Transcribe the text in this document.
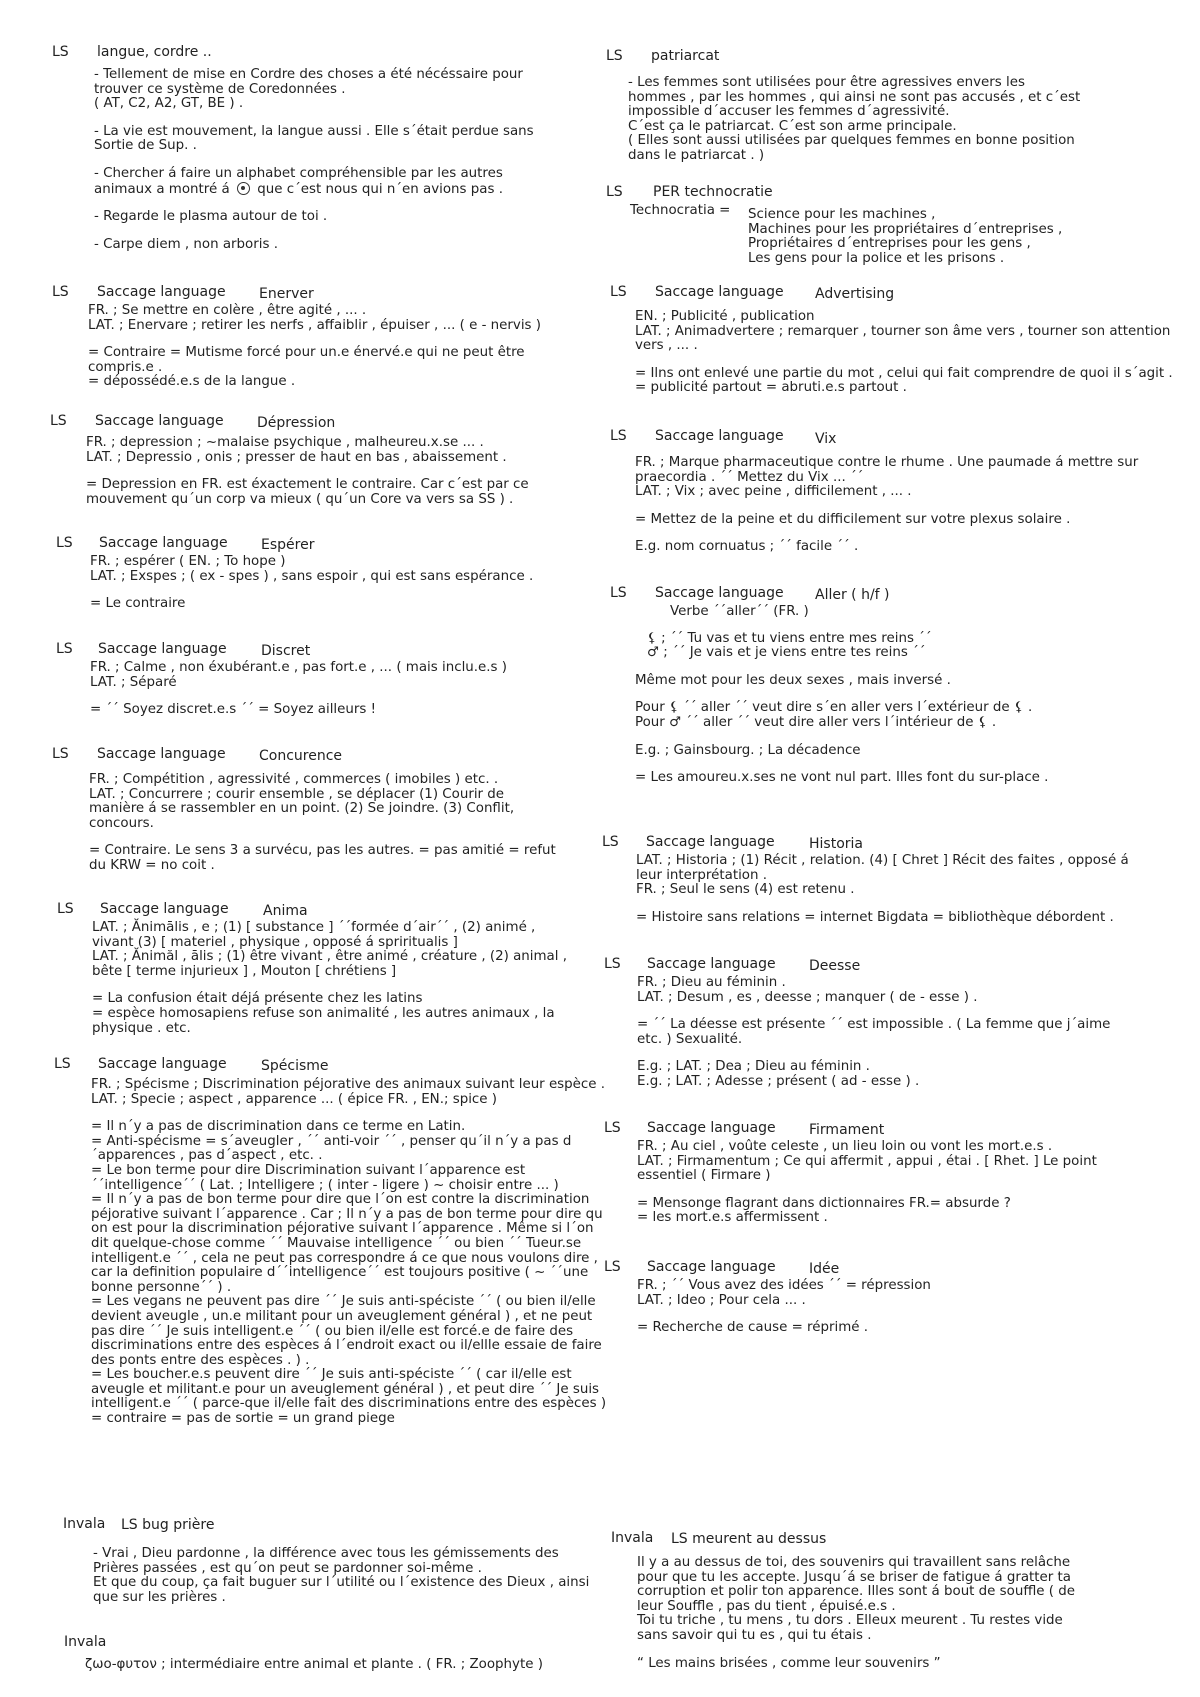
LS langue, cordre ..
- Tellement de mise en Cordre des choses a été nécéssaire pour
trouver ce système de Coredonnées .
( AT, C2, A2, GT, BE ) .
- La vie est mouvement, la langue aussi . Elle s´était perdue sans
Sortie de Sup. .
- Chercher á faire un alphabet compréhensible par les autres
animaux a montré á que c´est nous qui n´en avions pas .
- Regarde le plasma autour de toi .
- Carpe diem , non arboris .
LS Saccage language Enerver
FR. ; Se mettre en colère , être agité , ... .
LAT. ; Enervare ; retirer les nerfs , affaiblir , épuiser , ... ( e - nervis )
= Contraire = Mutisme forcé pour un.e énervé.e qui ne peut être
compris.e .
= dépossédé.e.s de la langue .
LS Saccage language Dépression
FR. ; depression ; ~malaise psychique , malheureu.x.se ... .
LAT. ; Depressio , onis ; presser de haut en bas , abaissement .
= Depression en FR. est éxactement le contraire. Car c´est par ce
mouvement qu´un corp va mieux ( qu´un Core va vers sa SS ) .
LS Saccage language Espérer
FR. ; espérer ( EN. ; To hope )
LAT. ; Exspes ; ( ex - spes ) , sans espoir , qui est sans espérance .
= Le contraire
LS Saccage language Discret
FR. ; Calme , non éxubérant.e , pas fort.e , ... ( mais inclu.e.s )
LAT. ; Séparé
= ´´ Soyez discret.e.s ´´ = Soyez ailleurs !
LS Saccage language Concurence
FR. ; Compétition , agressivité , commerces ( imobiles ) etc. .
LAT. ; Concurrere ; courir ensemble , se déplacer (1) Courir de
manière á se rassembler en un point. (2) Se joindre. (3) Conflit,
concours.
= Contraire. Le sens 3 a survécu, pas les autres. = pas amitié = refut
du KRW = no coit .
LS Saccage language Anima
LAT. ; Ănimālis , e ; (1) [ substance ] ´´formée d´air´´ , (2) animé ,
vivant (3) [ materiel , physique , opposé á spriritualis ]
LAT. ; Ănimăl , ālis ; (1) être vivant , être animé , créature , (2) animal ,
bête [ terme injurieux ] , Mouton [ chrétiens ]
= La confusion était déjá présente chez les latins
= espèce homosapiens refuse son animalité , les autres animaux , la
physique . etc.
LS Saccage language Spécisme
FR. ; Spécisme ; Discrimination péjorative des animaux suivant leur espèce .
LAT. ; Specie ; aspect , apparence ... ( épice FR. , EN.; spice )
= Il n´y a pas de discrimination dans ce terme en Latin.
= Anti-spécisme = s´aveugler , ´´ anti-voir ´´ , penser qu´il n´y a pas d
´apparences , pas d´aspect , etc. .
= Le bon terme pour dire Discrimination suivant l´apparence est
´´intelligence´´ ( Lat. ; Intelligere ; ( inter - ligere ) ~ choisir entre ... )
= Il n´y a pas de bon terme pour dire que l´on est contre la discrimination
péjorative suivant l´apparence . Car ; Il n´y a pas de bon terme pour dire qu
on est pour la discrimination péjorative suivant l´apparence . Même si l´on
dit quelque-chose comme ´´ Mauvaise intelligence ´´ ou bien ´´ Tueur.se
intelligent.e ´´ , cela ne peut pas correspondre á ce que nous voulons dire ,
car la definition populaire d´´intelligence´´ est toujours positive ( ~ ´´une
bonne personne´´ ) .
= Les vegans ne peuvent pas dire ´´ Je suis anti-spéciste ´´ ( ou bien il/elle
devient aveugle , un.e militant pour un aveuglement général ) , et ne peut
pas dire ´´ Je suis intelligent.e ´´ ( ou bien il/elle est forcé.e de faire des
discriminations entre des espèces á l´endroit exact ou il/ellle essaie de faire
des ponts entre des espèces . ) .
= Les boucher.e.s peuvent dire ´´ Je suis anti-spéciste ´´ ( car il/elle est
aveugle et militant.e pour un aveuglement général ) , et peut dire ´´ Je suis
intelligent.e ´´ ( parce-que il/elle fait des discriminations entre des espèces )
= contraire = pas de sortie = un grand piege
Invala LS bug prière
- Vrai , Dieu pardonne , la différence avec tous les gémissements des
Prières passées , est qu´on peut se pardonner soi-même .
Et que du coup, ça fait buguer sur l´utilité ou l´existence des Dieux , ainsi
que sur les prières .
Invala
ζωο-φυτον ; intermédiaire entre animal et plante . ( FR. ; Zoophyte )
LS patriarcat
- Les femmes sont utilisées pour être agressives envers les
hommes , par les hommes , qui ainsi ne sont pas accusés , et c´est
impossible d´accuser les femmes d´agressivité.
C´est ça le patriarcat. C´est son arme principale.
( Elles sont aussi utilisées par quelques femmes en bonne position
dans le patriarcat . )
LS PER technocratie
Technocratia = Science pour les machines ,
Machines pour les propriétaires d´entreprises ,
Propriétaires d´entreprises pour les gens ,
Les gens pour la police et les prisons .
LS Saccage language Advertising
EN. ; Publicité , publication
LAT. ; Animadvertere ; remarquer , tourner son âme vers , tourner son attention
vers , ... .
= Ilns ont enlevé une partie du mot , celui qui fait comprendre de quoi il s´agit .
= publicité partout = abruti.e.s partout .
LS Saccage language Vix
FR. ; Marque pharmaceutique contre le rhume . Une paumade á mettre sur
praecordia . ´´ Mettez du Vix ... ´´
LAT. ; Vix ; avec peine , difficilement , ... .
= Mettez de la peine et du difficilement sur votre plexus solaire .
E.g. nom cornuatus ; ´´ facile ´´ .
LS Saccage language Aller ( h/f )
Verbe ´´aller´´ (FR. )
⚸ ; ´´ Tu vas et tu viens entre mes reins ´´
♂ ; ´´ Je vais et je viens entre tes reins ´´
Même mot pour les deux sexes , mais inversé .
Pour ⚸ ´´ aller ´´ veut dire s´en aller vers l´extérieur de ⚸ .
Pour ♂ ´´ aller ´´ veut dire aller vers l´intérieur de ⚸ .
E.g. ; Gainsbourg. ; La décadence
= Les amoureu.x.ses ne vont nul part. Illes font du sur-place .
LS Saccage language Historia
LAT. ; Historia ; (1) Récit , relation. (4) [ Chret ] Récit des faites , opposé á
leur interprétation .
FR. ; Seul le sens (4) est retenu .
= Histoire sans relations = internet Bigdata = bibliothèque débordent .
LS Saccage language Deesse
FR. ; Dieu au féminin .
LAT. ; Desum , es , deesse ; manquer ( de - esse ) .
= ´´ La déesse est présente ´´ est impossible . ( La femme que j´aime
etc. ) Sexualité.
E.g. ; LAT. ; Dea ; Dieu au féminin .
E.g. ; LAT. ; Adesse ; présent ( ad - esse ) .
LS Saccage language Firmament
FR. ; Au ciel , voûte celeste , un lieu loin ou vont les mort.e.s .
LAT. ; Firmamentum ; Ce qui affermit , appui , étai . [ Rhet. ] Le point
essentiel ( Firmare )
= Mensonge flagrant dans dictionnaires FR.= absurde ?
= les mort.e.s affermissent .
LS Saccage language Idée
FR. ; ´´ Vous avez des idées ´´ = répression
LAT. ; Ideo ; Pour cela ... .
= Recherche de cause = réprimé .
Invala LS meurent au dessus
Il y a au dessus de toi, des souvenirs qui travaillent sans relâche
pour que tu les accepte. Jusqu´á se briser de fatigue á gratter ta
corruption et polir ton apparence. Illes sont á bout de souffle ( de
leur Souffle , pas du tient , épuisé.e.s .
Toi tu triche , tu mens , tu dors . Elleux meurent . Tu restes vide
sans savoir qui tu es , qui tu étais .
“ Les mains brisées , comme leur souvenirs ”
